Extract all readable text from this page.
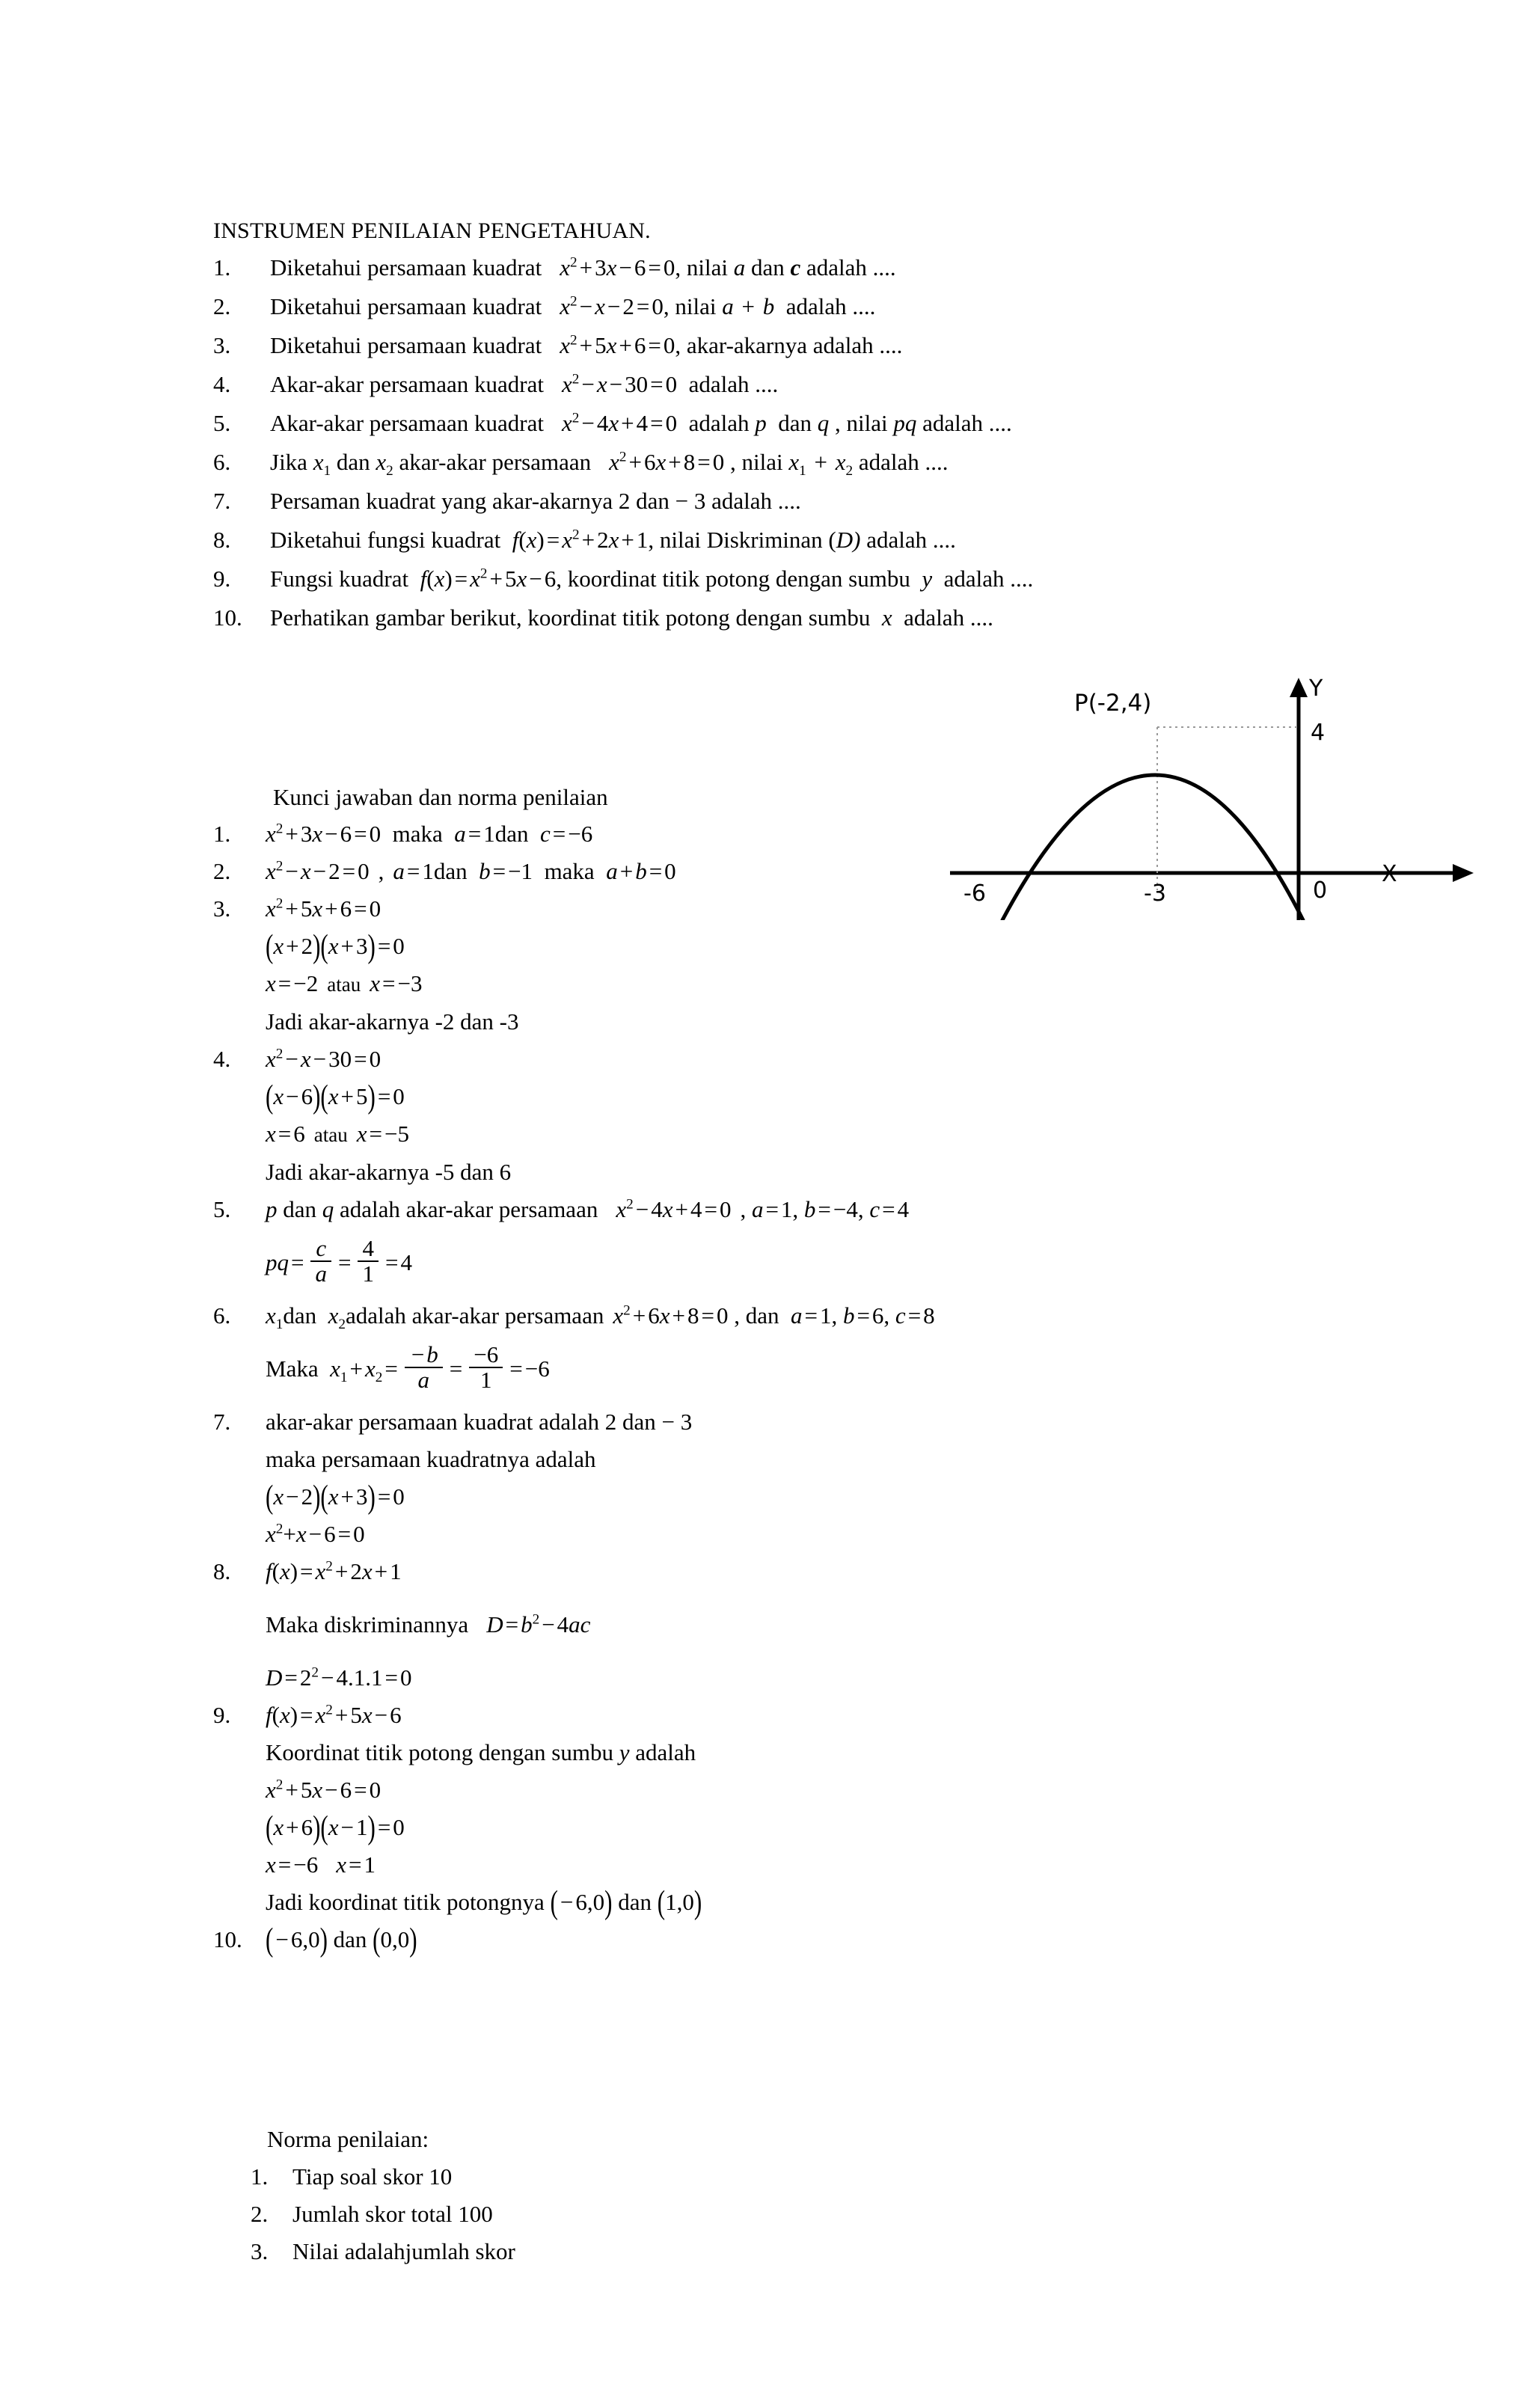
INSTRUMEN PENILAIAN PENGETAHUAN.
1.	Diketahui persamaan kuadrat $x^2+3x-6=0$, nilai a dan c adalah ....
2.	Diketahui persamaan kuadrat $x^2-x-2=0$, nilai a + b  adalah ....
3.	Diketahui persamaan kuadrat $x^2+5x+6=0$, akar-akarnya adalah ....
4.	Akar-akar persamaan kuadrat $x^2-x-30=0$  adalah ....
5.	Akar-akar persamaan kuadrat $x^2-4x+4=0$  adalah p  dan q , nilai pq adalah ....
6.	Jika $x_1$ dan $x_2$ akar-akar persamaan $x^2+6x+8=0$ , nilai $x_1 + x_2$ adalah ....
7.	Persaman kuadrat yang akar-akarnya 2 dan − 3 adalah ....
8.	Diketahui fungsi kuadrat  $f(x)=x^2+2x+1$, nilai Diskriminan (D) adalah ....
9.	Fungsi kuadrat  $f(x)=x^2+5x-6$, koordinat titik potong dengan sumbu  y  adalah ....
10.	Perhatikan gambar berikut, koordinat titik potong dengan sumbu  x  adalah ....
P(-2,4)
Y
4
X
0
-6	-3
Kunci jawaban dan norma penilaian
1.	$x^2+3x-6=0$  maka  a=1dan  c=−6
2.	$x^2-x-2=0$ , a=1dan  b=−1  maka  a+b=0
3.	$x^2+5x+6=0$
(x+2)(x+3)=0
x=−2 atau x=−3
Jadi akar-akarnya -2 dan -3
4.	$x^2-x-30=0$
(x−6)(x+5)=0
x=6 atau x=−5
Jadi akar-akarnya -5 dan 6
5.	p dan q adalah akar-akar persamaan $x^2-4x+4=0$ , a=1, b=−4, c=4
$pq= \frac{c}{a} = \frac{4}{1} =4$
6.	$x_1dan$  $x_2adalah$ akar-akar persamaan $x^2+6x+8=0$ , dan  a=1, b=6, c=8
Maka  $x_1+x_2= \frac{-b}{a} = \frac{-6}{1} =-6$
7.	akar-akar persamaan kuadrat adalah 2 dan − 3
maka persamaan kuadratnya adalah
(x−2)(x+3)=0
$x^2+x-6=0$
8.	$f(x)=x^2+2x+1$
Maka diskriminannya $D=b^2-4ac$
$D=2^2-4.1.1=0$
9.	$f(x)=x^2+5x-6$
Koordinat titik potong dengan sumbu y adalah
$x^2+5x-6=0$
(x+6)(x−1)=0
x=−6 x=1
Jadi koordinat titik potongnya (−6,0) dan (1,0)
10.	(−6,0) dan (0,0)
Norma penilaian:
1.	Tiap soal skor 10
2.	Jumlah skor total 100
3.	Nilai adalahjumlah skor
